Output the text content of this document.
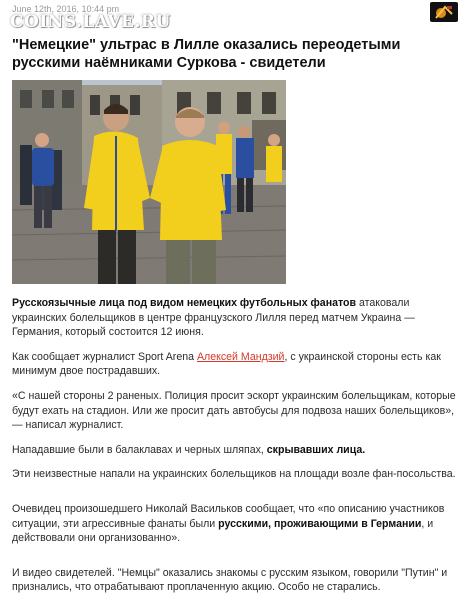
June 12th, 2016, 10:44 pm
COINS.LAVE.RU
"Немецкие" ультрас в Лилле оказались переодетыми русскими наёмниками Суркова - свидетели

Русскоязычные лица под видом немецких футбольных фанатов атаковали украинских болельщиков в центре французского Лилля перед матчем Украина — Германия, который состоится 12 июня.

Как сообщает журналист Sport Arena Алексей Мандзий, с украинской стороны есть как минимум двое пострадавших.

«С нашей стороны 2 раненых. Полиция просит эскорт украинским болельщикам, которые будут ехать на стадион. Или же просит дать автобусы для подвоза наших болельщиков», — написал журналист.

Нападавшие были в балаклавах и черных шляпах, скрывавших лица.

Эти неизвестные напали на украинских болельщиков на площади возле фан-посольства.

Очевидец произошедшего Николай Васильков сообщает, что «по описанию участников ситуации, эти агрессивные фанаты были русскими, проживающими в Германии, и действовали они организованно».

И видео свидетелей. "Немцы" оказались знакомы с русским языком, говорили "Путин" и признались, что отрабатывают проплаченную акцию. Особо не старались.
